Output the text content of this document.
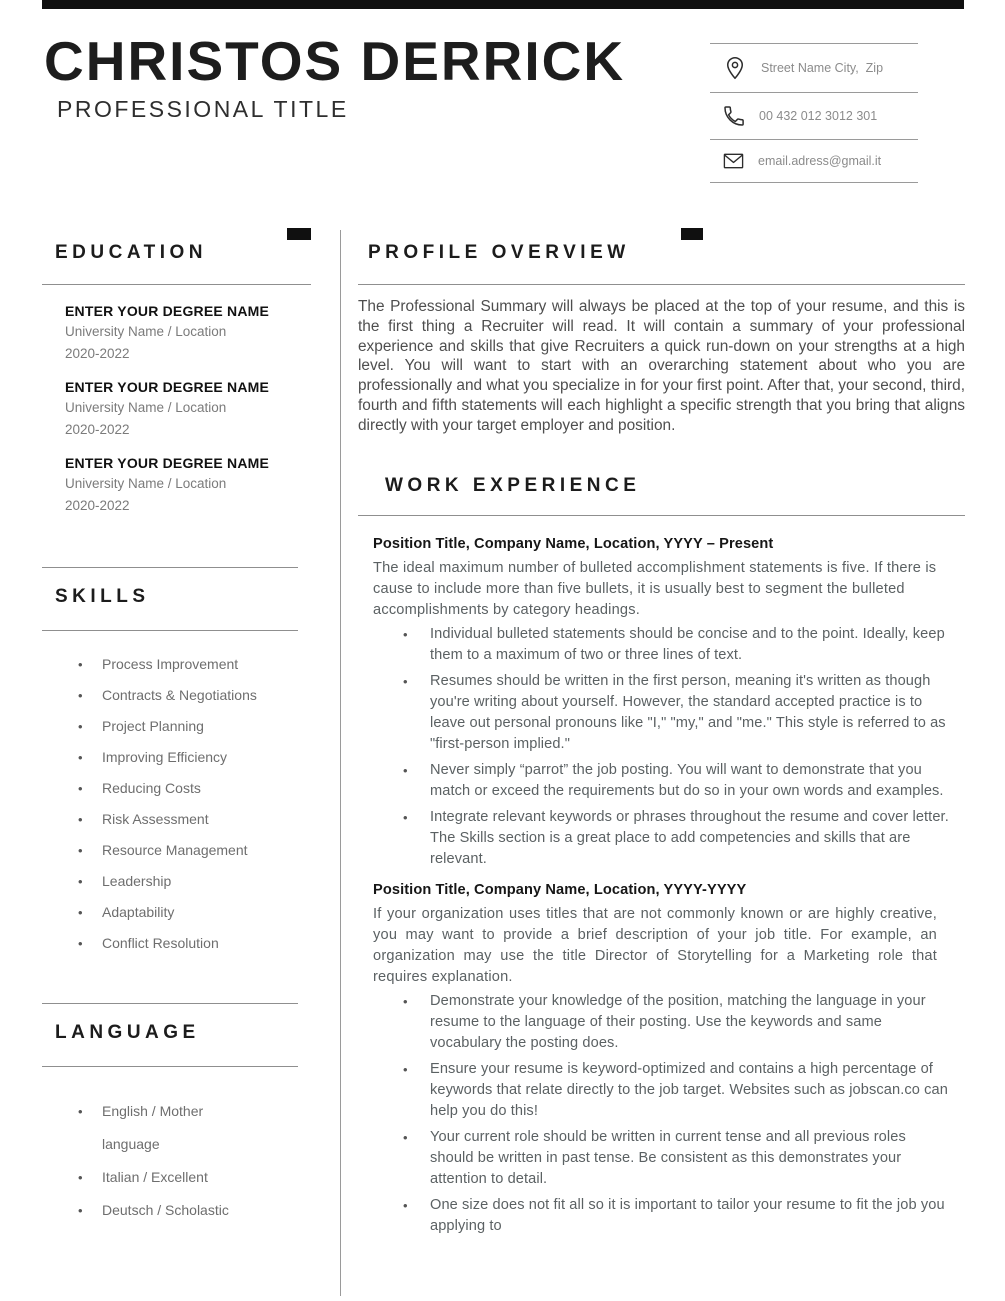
CHRISTOS DERRICK
PROFESSIONAL TITLE
Street Name City,  Zip
00 432 012 3012 301
email.adress@gmail.it
EDUCATION
ENTER YOUR DEGREE NAME
University Name / Location
2020-2022
ENTER YOUR DEGREE NAME
University Name / Location
2020-2022
ENTER YOUR DEGREE NAME
University Name / Location
2020-2022
SKILLS
•	Process Improvement
•	Contracts & Negotiations
•	Project Planning
•	Improving Efficiency
•	Reducing Costs
•	Risk Assessment
•	Resource Management
•	Leadership
•	Adaptability
•	Conflict Resolution
LANGUAGE
•	English / Mother language
•	Italian / Excellent
•	Deutsch / Scholastic
PROFILE OVERVIEW

The Professional Summary will always be placed at the top of your resume, and this is the first thing a Recruiter will read. It will contain a summary of your professional experience and skills that give Recruiters a quick run-down on your strengths at a high level. You will want to start with an overarching statement about who you are professionally and what you specialize in for your first point. After that, your second, third, fourth and fifth statements will each highlight a specific strength that you bring that aligns directly with your target employer and position.

WORK EXPERIENCE
Position Title, Company Name, Location, YYYY – Present

The ideal maximum number of bulleted accomplishment statements is five. If there is cause to include more than five bullets, it is usually best to segment the bulleted accomplishments by category headings.

•	Individual bulleted statements should be concise and to the point. Ideally, keep them to a maximum of two or three lines of text.
•	Resumes should be written in the first person, meaning it's written as though you're writing about yourself. However, the standard accepted practice is to leave out personal pronouns like "I," "my," and "me." This style is referred to as "first-person implied."
•	Never simply “parrot” the job posting. You will want to demonstrate that you match or exceed the requirements but do so in your own words and examples.
•	Integrate relevant keywords or phrases throughout the resume and cover letter. The Skills section is a great place to add competencies and skills that are relevant.
Position Title, Company Name, Location, YYYY-YYYY

If your organization uses titles that are not commonly known or are highly creative, you may want to provide a brief description of your job title. For example, an organization may use the title Director of Storytelling for a Marketing role that requires explanation.

•	Demonstrate your knowledge of the position, matching the language in your resume to the language of their posting. Use the keywords and same vocabulary the posting does.
•	Ensure your resume is keyword-optimized and contains a high percentage of keywords that relate directly to the job target. Websites such as jobscan.co can help you do this!
•	Your current role should be written in current tense and all previous roles should be written in past tense. Be consistent as this demonstrates your attention to detail.
•	One size does not fit all so it is important to tailor your resume to fit the job you applying to
